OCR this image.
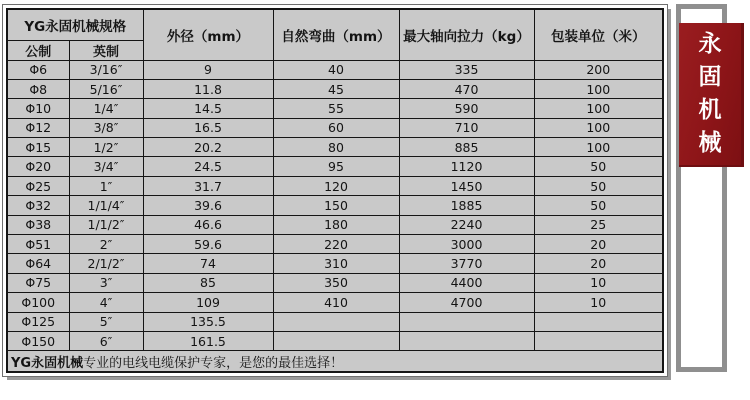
YG永固机械规格		外径（mm）	自然弯曲（mm）	最大轴向拉力（kg）	包装单位（米）
公制	英制				
Φ6	3/16″	9	40	335	200
Φ8	5/16″	11.8	45	470	100
Φ10	1/4″	14.5	55	590	100
Φ12	3/8″	16.5	60	710	100
Φ15	1/2″	20.2	80	885	100
Φ20	3/4″	24.5	95	1120	50
Φ25	1″	31.7	120	1450	50
Φ32	1/1/4″	39.6	150	1885	50
Φ38	1/1/2″	46.6	180	2240	25
Φ51	2″	59.6	220	3000	20
Φ64	2/1/2″	74	310	3770	20
Φ75	3″	85	350	4400	10
Φ100	4″	109	410	4700	10
Φ125	5″	135.5			
Φ150	6″	161.5			
YG永固机械专业的电线电缆保护专家，是您的最佳选择！					
永
固
机
械
